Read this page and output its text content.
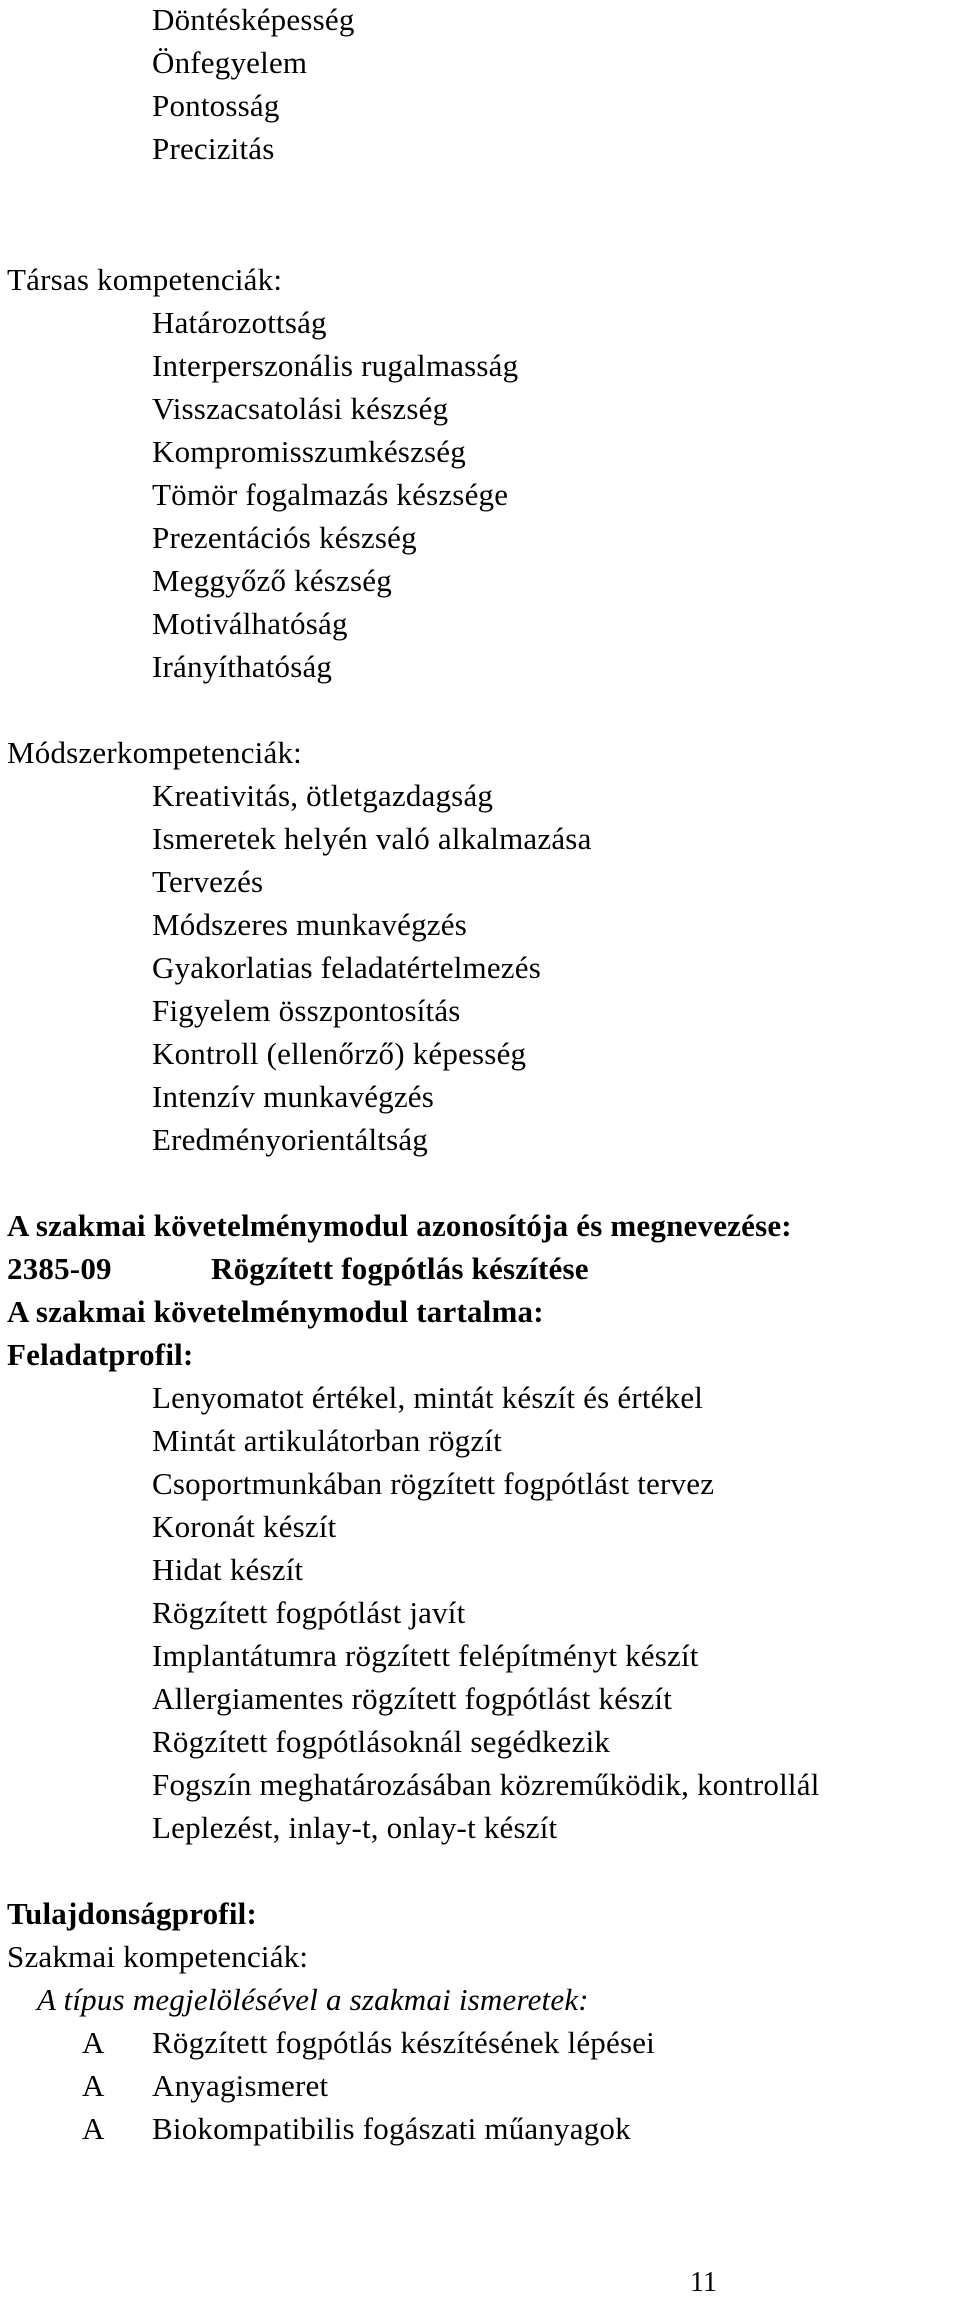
Döntésképesség
Önfegyelem
Pontosság
Precizitás
Társas kompetenciák:
Határozottság
Interperszonális rugalmasság
Visszacsatolási készség
Kompromisszumkészség
Tömör fogalmazás készsége
Prezentációs készség
Meggyőző készség
Motiválhatóság
Irányíthatóság
Módszerkompetenciák:
Kreativitás, ötletgazdagság
Ismeretek helyén való alkalmazása
Tervezés
Módszeres munkavégzés
Gyakorlatias feladatértelmezés
Figyelem összpontosítás
Kontroll (ellenőrző) képesség
Intenzív munkavégzés
Eredményorientáltság
A szakmai követelménymodul azonosítója és megnevezése:
2385-09	Rögzített fogpótlás készítése
A szakmai követelménymodul tartalma:
Feladatprofil:
Lenyomatot értékel, mintát készít és értékel
Mintát artikulátorban rögzít
Csoportmunkában rögzített fogpótlást tervez
Koronát készít
Hidat készít
Rögzített fogpótlást javít
Implantátumra rögzített felépítményt készít
Allergiamentes rögzített fogpótlást készít
Rögzített fogpótlásoknál segédkezik
Fogszín meghatározásában közreműködik, kontrollál
Leplezést, inlay-t, onlay-t készít
Tulajdonságprofil:
Szakmai kompetenciák:
A típus megjelölésével a szakmai ismeretek:
A Rögzített fogpótlás készítésének lépései
A Anyagismeret
A Biokompatibilis fogászati műanyagok
11
